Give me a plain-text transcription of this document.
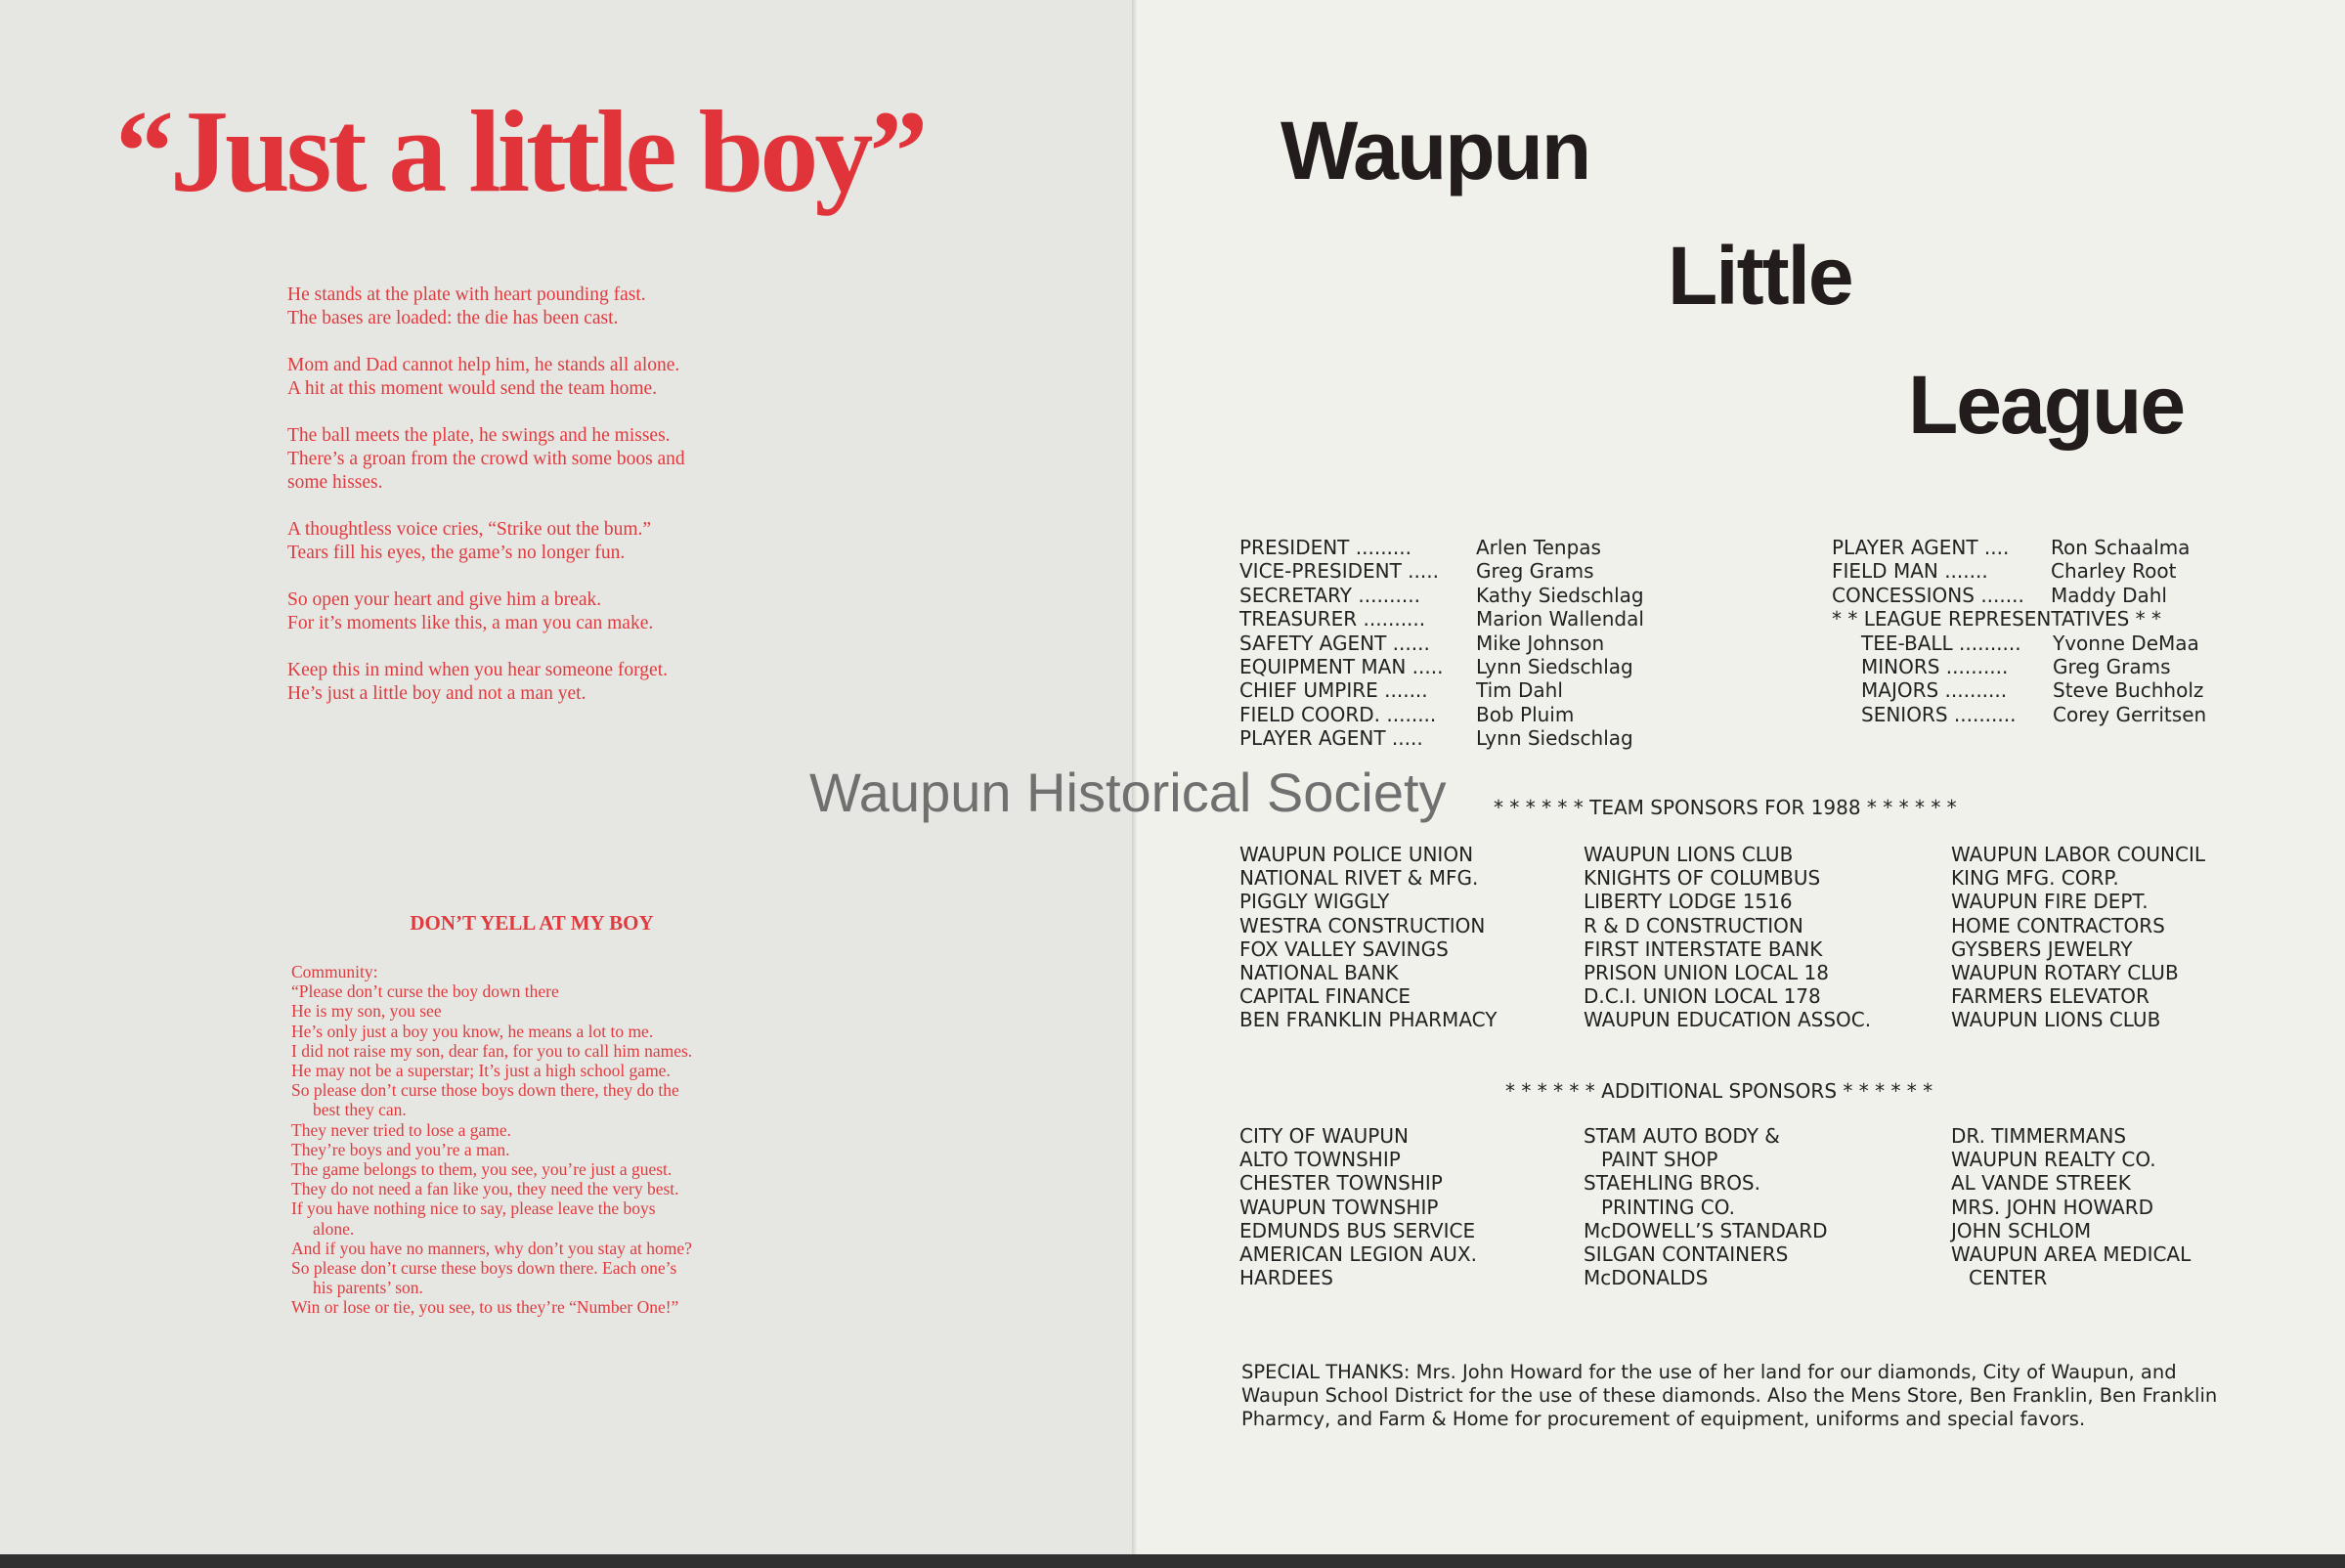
“Just a little boy”
He stands at the plate with heart pounding fast.
The bases are loaded: the die has been cast.
Mom and Dad cannot help him, he stands all alone.
A hit at this moment would send the team home.
The ball meets the plate, he swings and he misses.
There’s a groan from the crowd with some boos and
some hisses.
A thoughtless voice cries, “Strike out the bum.”
Tears fill his eyes, the game’s no longer fun.
So open your heart and give him a break.
For it’s moments like this, a man you can make.
Keep this in mind when you hear someone forget.
He’s just a little boy and not a man yet.
DON’T YELL AT MY BOY
Community:
“Please don’t curse the boy down there
He is my son, you see
He’s only just a boy you know, he means a lot to me.
I did not raise my son, dear fan, for you to call him names.
He may not be a superstar; It’s just a high school game.
So please don’t curse those boys down there, they do the
best they can.
They never tried to lose a game.
They’re boys and you’re a man.
The game belongs to them, you see, you’re just a guest.
They do not need a fan like you, they need the very best.
If you have nothing nice to say, please leave the boys
alone.
And if you have no manners, why don’t you stay at home?
So please don’t curse these boys down there. Each one’s
his parents’ son.
Win or lose or tie, you see, to us they’re “Number One!”
Waupun
Little
League
PRESIDENT .........	Arlen Tenpas
VICE-PRESIDENT ..... Greg Grams
SECRETARY ..........	Kathy Siedschlag
TREASURER ..........	Marion Wallendal
SAFETY AGENT ...... Mike Johnson
EQUIPMENT MAN ..... Lynn Siedschlag
CHIEF UMPIRE ....... Tim Dahl
FIELD COORD. ........ Bob Pluim
PLAYER AGENT .....	Lynn Siedschlag
PLAYER AGENT .... Ron Schaalma
FIELD MAN .......	Charley Root
CONCESSIONS ....... Maddy Dahl
* * LEAGUE REPRESENTATIVES * *
TEE-BALL .......... Yvonne DeMaa
MINORS .......... Greg Grams
MAJORS .......... Steve Buchholz
SENIORS .......... Corey Gerritsen
* * * * * * TEAM SPONSORS FOR 1988 * * * * * *
WAUPUN POLICE UNION
NATIONAL RIVET & MFG.
PIGGLY WIGGLY
WESTRA CONSTRUCTION
FOX VALLEY SAVINGS
NATIONAL BANK
CAPITAL FINANCE
BEN FRANKLIN PHARMACY
WAUPUN LIONS CLUB
KNIGHTS OF COLUMBUS
LIBERTY LODGE 1516
R & D CONSTRUCTION
FIRST INTERSTATE BANK
PRISON UNION LOCAL 18
D.C.I. UNION LOCAL 178
WAUPUN EDUCATION ASSOC.
WAUPUN LABOR COUNCIL
KING MFG. CORP.
WAUPUN FIRE DEPT.
HOME CONTRACTORS
GYSBERS JEWELRY
WAUPUN ROTARY CLUB
FARMERS ELEVATOR
WAUPUN LIONS CLUB
* * * * * * ADDITIONAL SPONSORS * * * * * *
CITY OF WAUPUN
ALTO TOWNSHIP
CHESTER TOWNSHIP
WAUPUN TOWNSHIP
EDMUNDS BUS SERVICE
AMERICAN LEGION AUX.
HARDEES
STAM AUTO BODY &
PAINT SHOP
STAEHLING BROS.
PRINTING CO.
McDOWELL’S STANDARD
SILGAN CONTAINERS
McDONALDS
DR. TIMMERMANS
WAUPUN REALTY CO.
AL VANDE STREEK
MRS. JOHN HOWARD
JOHN SCHLOM
WAUPUN AREA MEDICAL
CENTER
SPECIAL THANKS: Mrs. John Howard for the use of her land for our diamonds, City of Waupun, and Waupun School District for the use of these diamonds. Also the Mens Store, Ben Franklin, Ben Franklin Pharmcy, and Farm & Home for procurement of equipment, uniforms and special favors.
Waupun Historical Society
